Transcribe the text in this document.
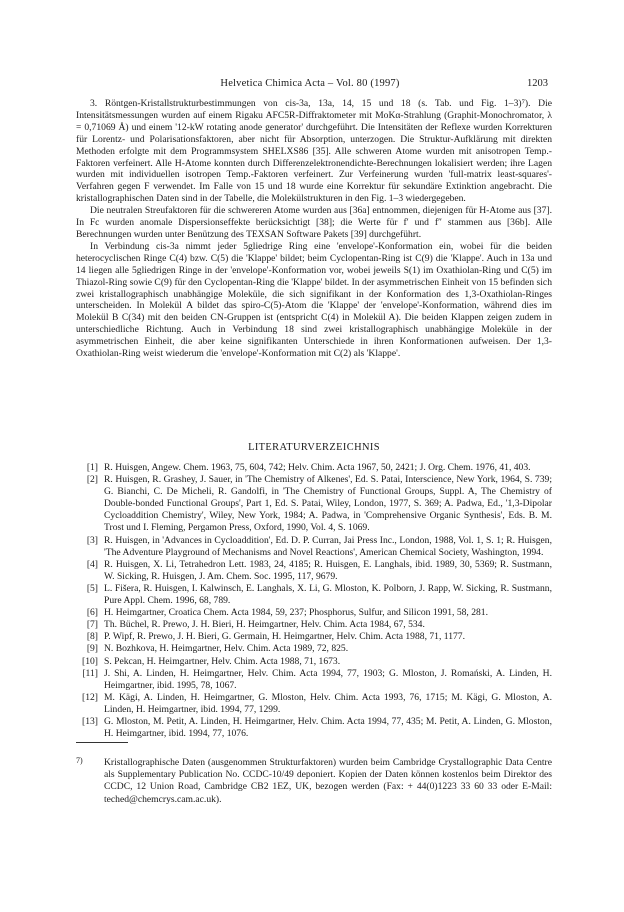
Helvetica Chimica Acta – Vol. 80 (1997)	1203

3. Röntgen-Kristallstrukturbestimmungen von cis-3a, 13a, 14, 15 und 18 (s. Tab. und Fig. 1–3)⁷). Die Intensitätsmessungen wurden auf einem Rigaku AFC5R-Diffraktometer mit MoKα-Strahlung (Graphit-Monochromator, λ = 0,71069 Å) und einem '12-kW rotating anode generator' durchgeführt. Die Intensitäten der Reflexe wurden Korrekturen für Lorentz- und Polarisationsfaktoren, aber nicht für Absorption, unterzogen. Die Struktur-Aufklärung mit direkten Methoden erfolgte mit dem Programmsystem SHELXS86 [35]. Alle schweren Atome wurden mit anisotropen Temp.-Faktoren verfeinert. Alle H-Atome konnten durch Differenzelektronendichte-Berechnungen lokalisiert werden; ihre Lagen wurden mit individuellen isotropen Temp.-Faktoren verfeinert. Zur Verfeinerung wurden 'full-matrix least-squares'-Verfahren gegen F verwendet. Im Falle von 15 und 18 wurde eine Korrektur für sekundäre Extinktion angebracht. Die kristallographischen Daten sind in der Tabelle, die Molekülstrukturen in den Fig. 1–3 wiedergegeben.

Die neutralen Streufaktoren für die schwereren Atome wurden aus [36a] entnommen, diejenigen für H-Atome aus [37]. In Fc wurden anomale Dispersionseffekte berücksichtigt [38]; die Werte für f′ und f″ stammen aus [36b]. Alle Berechnungen wurden unter Benützung des TEXSAN Software Pakets [39] durchgeführt.

In Verbindung cis-3a nimmt jeder 5gliedrige Ring eine 'envelope'-Konformation ein, wobei für die beiden heterocyclischen Ringe C(4) bzw. C(5) die 'Klappe' bildet; beim Cyclopentan-Ring ist C(9) die 'Klappe'. Auch in 13a und 14 liegen alle 5gliedrigen Ringe in der 'envelope'-Konformation vor, wobei jeweils S(1) im Oxathiolan-Ring und C(5) im Thiazol-Ring sowie C(9) für den Cyclopentan-Ring die 'Klappe' bildet. In der asymmetrischen Einheit von 15 befinden sich zwei kristallographisch unabhängige Moleküle, die sich signifikant in der Konformation des 1,3-Oxathiolan-Ringes unterscheiden. In Molekül A bildet das spiro-C(5)-Atom die 'Klappe' der 'envelope'-Konformation, während dies im Molekül B C(34) mit den beiden CN-Gruppen ist (entspricht C(4) in Molekül A). Die beiden Klappen zeigen zudem in unterschiedliche Richtung. Auch in Verbindung 18 sind zwei kristallographisch unabhängige Moleküle in der asymmetrischen Einheit, die aber keine signifikanten Unterschiede in ihren Konformationen aufweisen. Der 1,3-Oxathiolan-Ring weist wiederum die 'envelope'-Konformation mit C(2) als 'Klappe'.

LITERATURVERZEICHNIS
[1] R. Huisgen, Angew. Chem. 1963, 75, 604, 742; Helv. Chim. Acta 1967, 50, 2421; J. Org. Chem. 1976, 41, 403.
[2] R. Huisgen, R. Grashey, J. Sauer, in 'The Chemistry of Alkenes', Ed. S. Patai, Interscience, New York, 1964, S. 739; G. Bianchi, C. De Micheli, R. Gandolfi, in 'The Chemistry of Functional Groups, Suppl. A, The Chemistry of Double-bonded Functional Groups', Part 1, Ed. S. Patai, Wiley, London, 1977, S. 369; A. Padwa, Ed., '1,3-Dipolar Cycloaddition Chemistry', Wiley, New York, 1984; A. Padwa, in 'Comprehensive Organic Synthesis', Eds. B. M. Trost und I. Fleming, Pergamon Press, Oxford, 1990, Vol. 4, S. 1069.
[3] R. Huisgen, in 'Advances in Cycloaddition', Ed. D. P. Curran, Jai Press Inc., London, 1988, Vol. 1, S. 1; R. Huisgen, 'The Adventure Playground of Mechanisms and Novel Reactions', American Chemical Society, Washington, 1994.
[4] R. Huisgen, X. Li, Tetrahedron Lett. 1983, 24, 4185; R. Huisgen, E. Langhals, ibid. 1989, 30, 5369; R. Sustmann, W. Sicking, R. Huisgen, J. Am. Chem. Soc. 1995, 117, 9679.
[5] L. Fišera, R. Huisgen, I. Kalwinsch, E. Langhals, X. Li, G. Mloston, K. Polborn, J. Rapp, W. Sicking, R. Sustmann, Pure Appl. Chem. 1996, 68, 789.
[6] H. Heimgartner, Croatica Chem. Acta 1984, 59, 237; Phosphorus, Sulfur, and Silicon 1991, 58, 281.
[7] Th. Büchel, R. Prewo, J. H. Bieri, H. Heimgartner, Helv. Chim. Acta 1984, 67, 534.
[8] P. Wipf, R. Prewo, J. H. Bieri, G. Germain, H. Heimgartner, Helv. Chim. Acta 1988, 71, 1177.
[9] N. Bozhkova, H. Heimgartner, Helv. Chim. Acta 1989, 72, 825.
[10] S. Pekcan, H. Heimgartner, Helv. Chim. Acta 1988, 71, 1673.
[11] J. Shi, A. Linden, H. Heimgartner, Helv. Chim. Acta 1994, 77, 1903; G. Mloston, J. Romański, A. Linden, H. Heimgartner, ibid. 1995, 78, 1067.
[12] M. Kägi, A. Linden, H. Heimgartner, G. Mloston, Helv. Chim. Acta 1993, 76, 1715; M. Kägi, G. Mloston, A. Linden, H. Heimgartner, ibid. 1994, 77, 1299.
[13] G. Mloston, M. Petit, A. Linden, H. Heimgartner, Helv. Chim. Acta 1994, 77, 435; M. Petit, A. Linden, G. Mloston, H. Heimgartner, ibid. 1994, 77, 1076.
7) Kristallographische Daten (ausgenommen Strukturfaktoren) wurden beim Cambridge Crystallographic Data Centre als Supplementary Publication No. CCDC-10/49 deponiert. Kopien der Daten können kostenlos beim Direktor des CCDC, 12 Union Road, Cambridge CB2 1EZ, UK, bezogen werden (Fax: + 44(0)1223 33 60 33 oder E-Mail: teched@chemcrys.cam.ac.uk).
